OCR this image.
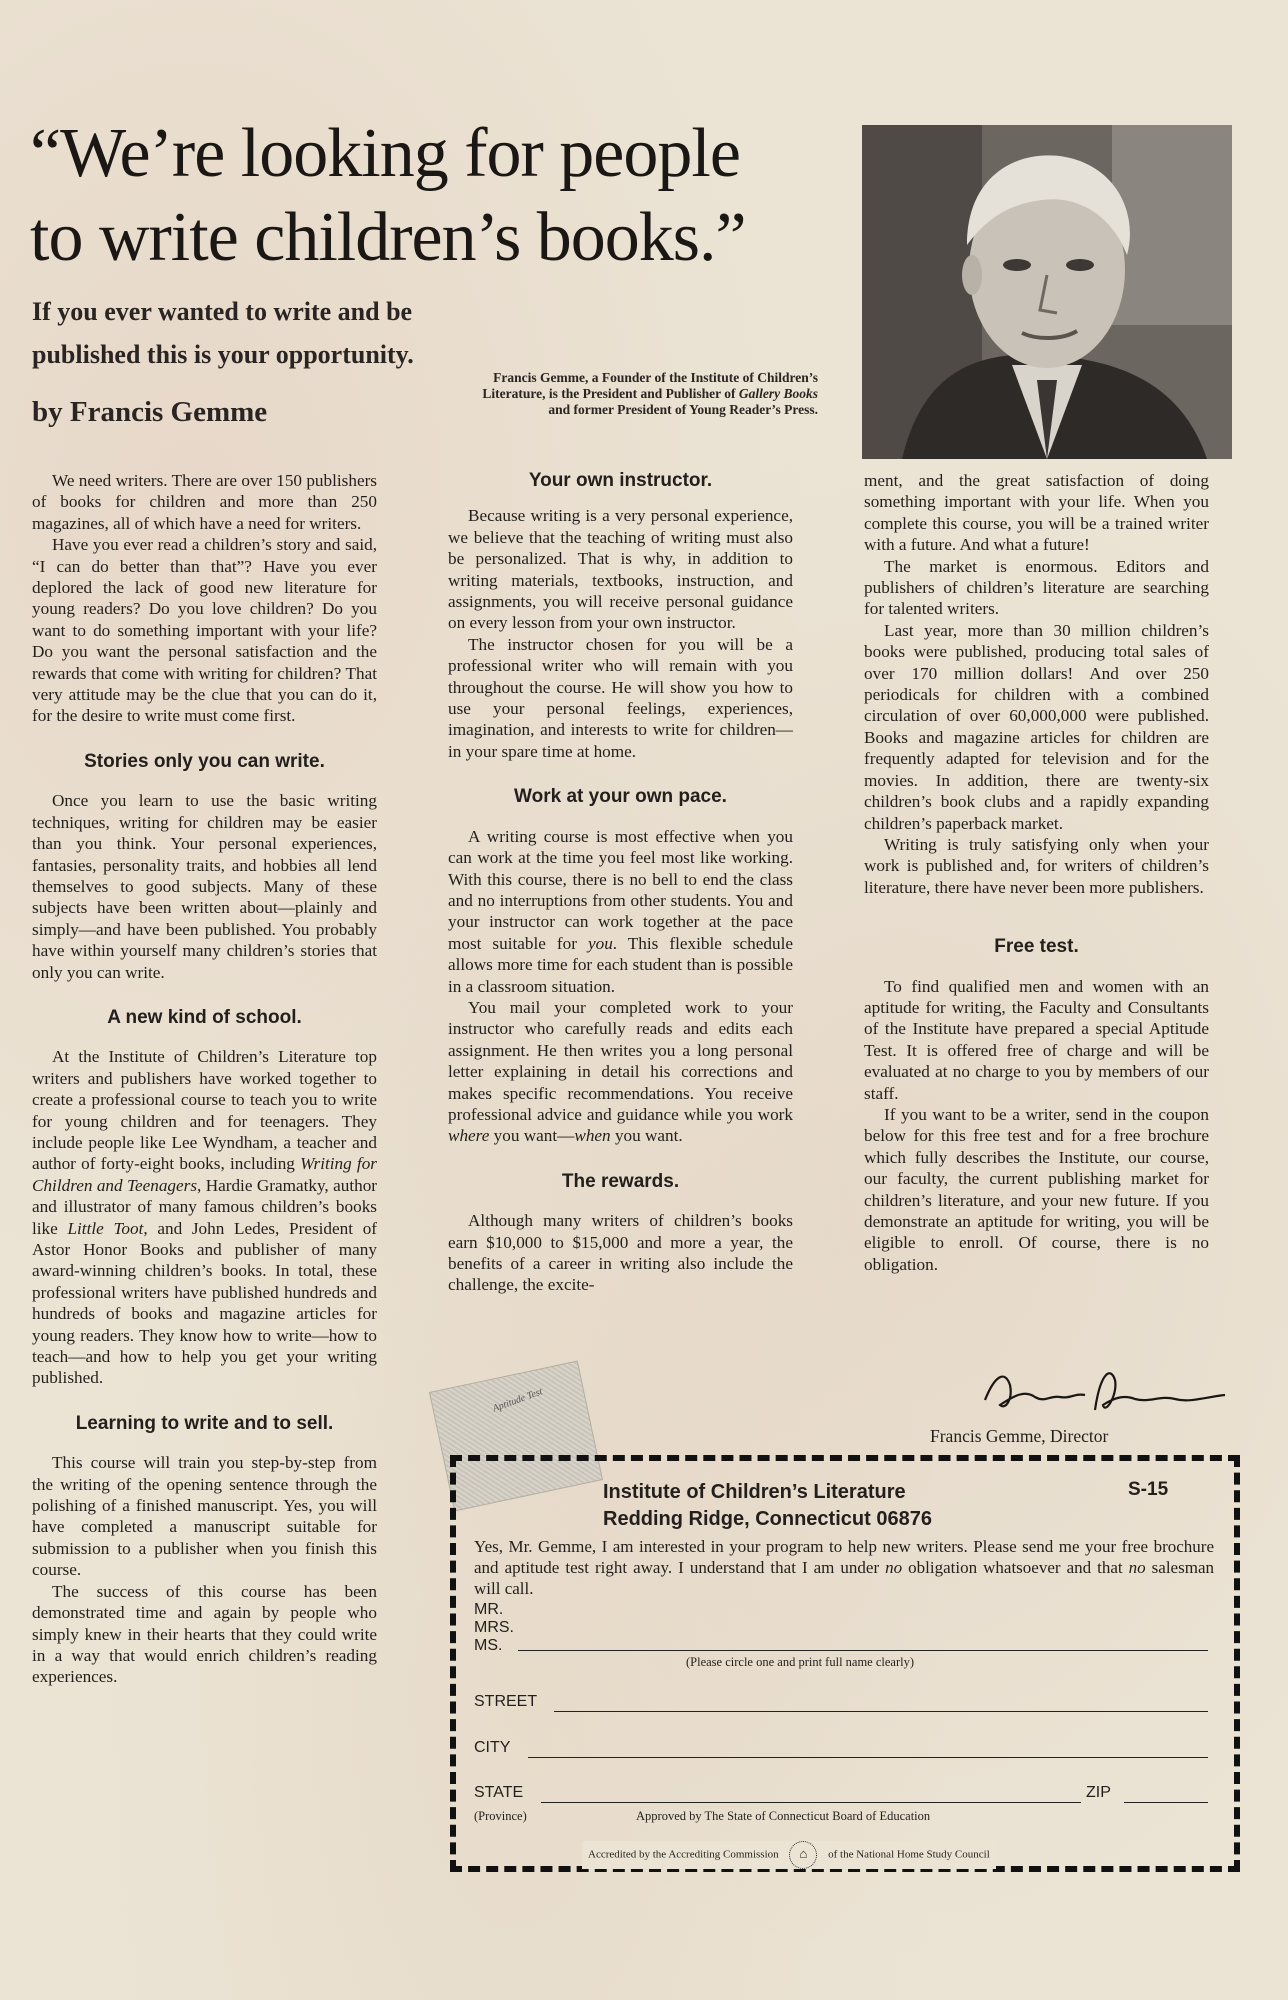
“We’re looking for people
to write children’s books.”
If you ever wanted to write and be
published this is your opportunity.
by Francis Gemme
Francis Gemme, a Founder of the Institute of Children’s Literature, is the President and Publisher of Gallery Books and former President of Young Reader’s Press.

We need writers. There are over 150 publishers of books for children and more than 250 magazines, all of which have a need for writers.

Have you ever read a children’s story and said, “I can do better than that”? Have you ever deplored the lack of good new literature for young readers? Do you love children? Do you want to do something important with your life? Do you want the personal satisfaction and the rewards that come with writing for children? That very attitude may be the clue that you can do it, for the desire to write must come first.

Stories only you can write.

Once you learn to use the basic writing techniques, writing for children may be easier than you think. Your personal experiences, fantasies, personality traits, and hobbies all lend themselves to good subjects. Many of these subjects have been written about—plainly and simply—and have been published. You probably have within yourself many children’s stories that only you can write.

A new kind of school.

At the Institute of Children’s Literature top writers and publishers have worked together to create a professional course to teach you to write for young children and for teenagers. They include people like Lee Wyndham, a teacher and author of forty-eight books, including Writing for Children and Teenagers, Hardie Gramatky, author and illustrator of many famous children’s books like Little Toot, and John Ledes, President of Astor Honor Books and publisher of many award-winning children’s books. In total, these professional writers have published hundreds and hundreds of books and magazine articles for young readers. They know how to write—how to teach—and how to help you get your writing published.

Learning to write and to sell.

This course will train you step-by-step from the writing of the opening sentence through the polishing of a finished manuscript. Yes, you will have completed a manuscript suitable for submission to a publisher when you finish this course.

The success of this course has been demonstrated time and again by people who simply knew in their hearts that they could write in a way that would enrich children’s reading experiences.

Your own instructor.

Because writing is a very personal experience, we believe that the teaching of writing must also be personalized. That is why, in addition to writing materials, textbooks, instruction, and assignments, you will receive personal guidance on every lesson from your own instructor.

The instructor chosen for you will be a professional writer who will remain with you throughout the course. He will show you how to use your personal feelings, experiences, imagination, and interests to write for children—in your spare time at home.

Work at your own pace.

A writing course is most effective when you can work at the time you feel most like working. With this course, there is no bell to end the class and no interruptions from other students. You and your instructor can work together at the pace most suitable for you. This flexible schedule allows more time for each student than is possible in a classroom situation.

You mail your completed work to your instructor who carefully reads and edits each assignment. He then writes you a long personal letter explaining in detail his corrections and makes specific recommendations. You receive professional advice and guidance while you work where you want—when you want.

The rewards.

Although many writers of children’s books earn $10,000 to $15,000 and more a year, the benefits of a career in writing also include the challenge, the excite-

ment, and the great satisfaction of doing something important with your life. When you complete this course, you will be a trained writer with a future. And what a future!

The market is enormous. Editors and publishers of children’s literature are searching for talented writers.

Last year, more than 30 million children’s books were published, producing total sales of over 170 million dollars! And over 250 periodicals for children with a combined circulation of over 60,000,000 were published. Books and magazine articles for children are frequently adapted for television and for the movies. In addition, there are twenty-six children’s book clubs and a rapidly expanding children’s paperback market.

Writing is truly satisfying only when your work is published and, for writers of children’s literature, there have never been more publishers.

Free test.

To find qualified men and women with an aptitude for writing, the Faculty and Consultants of the Institute have prepared a special Aptitude Test. It is offered free of charge and will be evaluated at no charge to you by members of our staff.

If you want to be a writer, send in the coupon below for this free test and for a free brochure which fully describes the Institute, our course, our faculty, the current publishing market for children’s literature, and your new future. If you demonstrate an aptitude for writing, you will be eligible to enroll. Of course, there is no obligation.

Francis Gemme, Director
Aptitude Test
Institute of Children’s Literature
Redding Ridge, Connecticut 06876
S-15
Yes, Mr. Gemme, I am interested in your program to help new writers. Please send me your free brochure and aptitude test right away. I understand that I am under no obligation whatsoever and that no salesman will call.
MR.
MRS.
MS.
(Please circle one and print full name clearly)
STREET
CITY
STATE	ZIP
(Province)	Approved by The State of Connecticut Board of Education
Accredited by the Accrediting Commission ⌂ of the National Home Study Council
